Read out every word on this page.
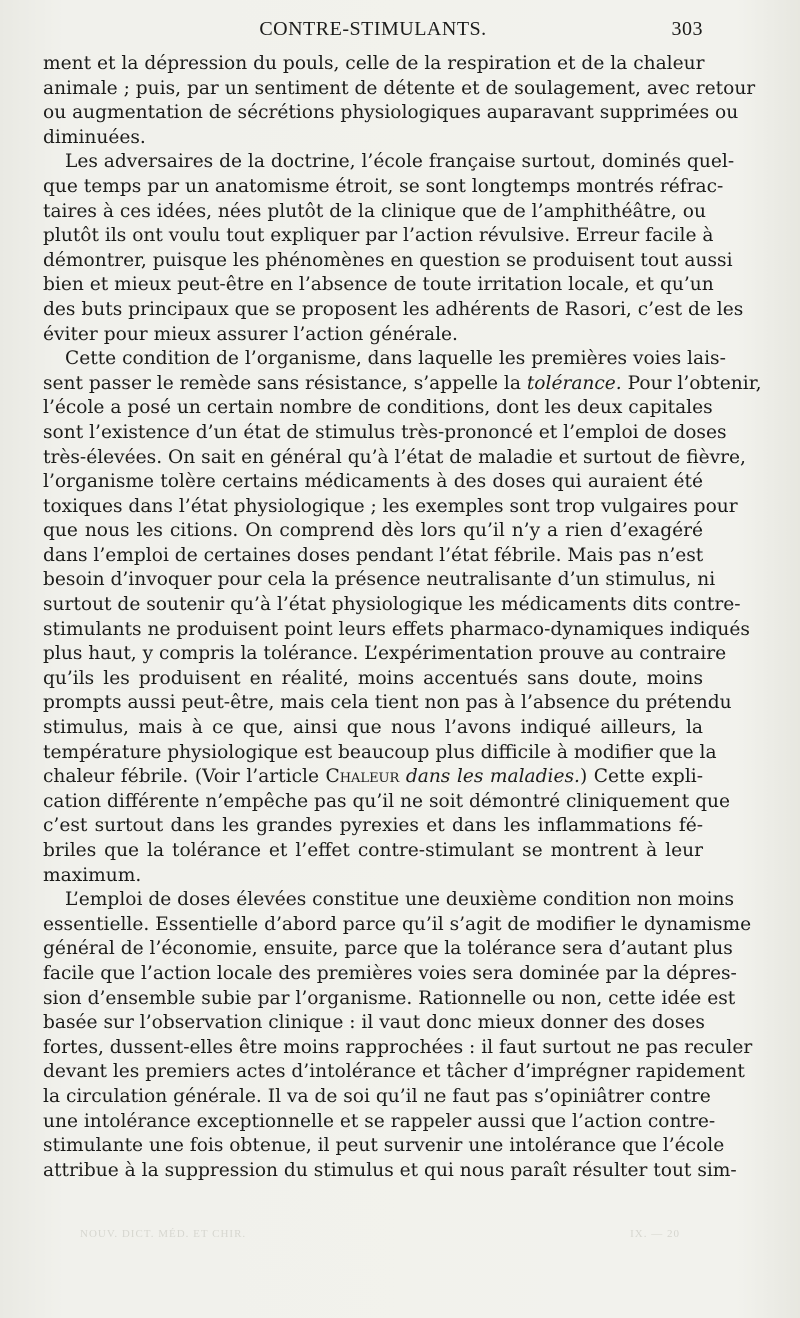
CONTRE-STIMULANTS.	303
ment et la dépression du pouls, celle de la respiration et de la chaleur
animale ; puis, par un sentiment de détente et de soulagement, avec retour
ou augmentation de sécrétions physiologiques auparavant supprimées ou
diminuées.
Les adversaires de la doctrine, l’école française surtout, dominés quel-
que temps par un anatomisme étroit, se sont longtemps montrés réfrac-
taires à ces idées, nées plutôt de la clinique que de l’amphithéâtre, ou
plutôt ils ont voulu tout expliquer par l’action révulsive. Erreur facile à
démontrer, puisque les phénomènes en question se produisent tout aussi
bien et mieux peut-être en l’absence de toute irritation locale, et qu’un
des buts principaux que se proposent les adhérents de Rasori, c’est de les
éviter pour mieux assurer l’action générale.
Cette condition de l’organisme, dans laquelle les premières voies lais-
sent passer le remède sans résistance, s’appelle la tolérance. Pour l’obtenir,
l’école a posé un certain nombre de conditions, dont les deux capitales
sont l’existence d’un état de stimulus très-prononcé et l’emploi de doses
très-élevées. On sait en général qu’à l’état de maladie et surtout de fièvre,
l’organisme tolère certains médicaments à des doses qui auraient été
toxiques dans l’état physiologique ; les exemples sont trop vulgaires pour
que nous les citions. On comprend dès lors qu’il n’y a rien d’exagéré
dans l’emploi de certaines doses pendant l’état fébrile. Mais pas n’est
besoin d’invoquer pour cela la présence neutralisante d’un stimulus, ni
surtout de soutenir qu’à l’état physiologique les médicaments dits contre-
stimulants ne produisent point leurs effets pharmaco-dynamiques indiqués
plus haut, y compris la tolérance. L’expérimentation prouve au contraire
qu’ils les produisent en réalité, moins accentués sans doute, moins
prompts aussi peut-être, mais cela tient non pas à l’absence du prétendu
stimulus, mais à ce que, ainsi que nous l’avons indiqué ailleurs, la
température physiologique est beaucoup plus difficile à modifier que la
chaleur fébrile. (Voir l’article Chaleur dans les maladies.) Cette expli-
cation différente n’empêche pas qu’il ne soit démontré cliniquement que
c’est surtout dans les grandes pyrexies et dans les inflammations fé-
briles que la tolérance et l’effet contre-stimulant se montrent à leur
maximum.
L’emploi de doses élevées constitue une deuxième condition non moins
essentielle. Essentielle d’abord parce qu’il s’agit de modifier le dynamisme
général de l’économie, ensuite, parce que la tolérance sera d’autant plus
facile que l’action locale des premières voies sera dominée par la dépres-
sion d’ensemble subie par l’organisme. Rationnelle ou non, cette idée est
basée sur l’observation clinique : il vaut donc mieux donner des doses
fortes, dussent-elles être moins rapprochées : il faut surtout ne pas reculer
devant les premiers actes d’intolérance et tâcher d’imprégner rapidement
la circulation générale. Il va de soi qu’il ne faut pas s’opiniâtrer contre
une intolérance exceptionnelle et se rappeler aussi que l’action contre-
stimulante une fois obtenue, il peut survenir une intolérance que l’école
attribue à la suppression du stimulus et qui nous paraît résulter tout sim-
NOUV. DICT. MÉD. ET CHIR.	IX. — 20
